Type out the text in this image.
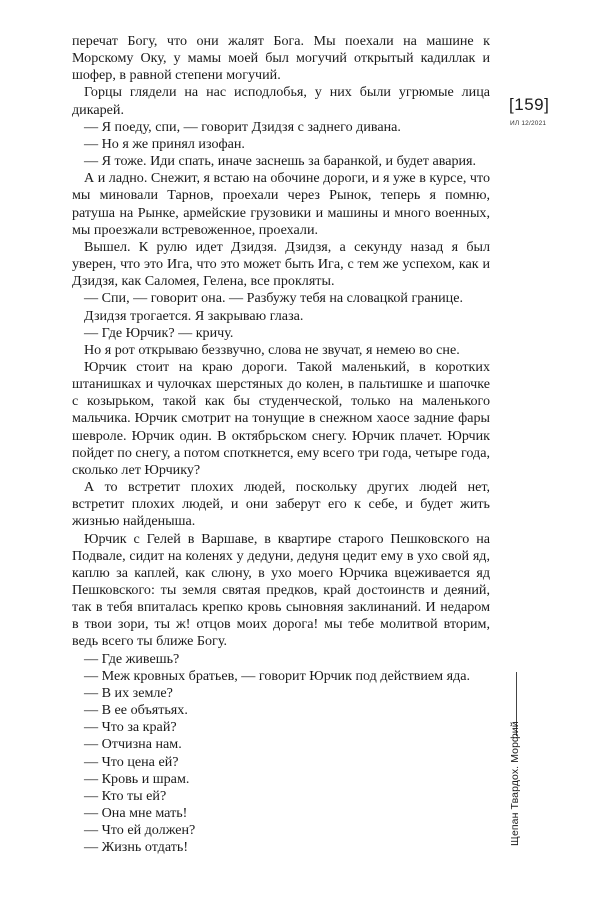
перечат Богу, что они жалят Бога. Мы поехали на машине к Морскому Оку, у мамы моей был могучий открытый кадиллак и шофер, в равной степени могучий.

Горцы глядели на нас исподлобья, у них были угрюмые лица дикарей.

— Я поеду, спи, — говорит Дзидзя с заднего дивана.

— Но я же принял изофан.

— Я тоже. Иди спать, иначе заснешь за баранкой, и будет авария.

А и ладно. Снежит, я встаю на обочине дороги, и я уже в курсе, что мы миновали Тарнов, проехали через Рынок, теперь я помню, ратуша на Рынке, армейские грузовики и машины и много военных, мы проезжали встревоженное, проехали.

Вышел. К рулю идет Дзидзя. Дзидзя, а секунду назад я был уверен, что это Ига, что это может быть Ига, с тем же успехом, как и Дзидзя, как Саломея, Гелена, все прокляты.

— Спи, — говорит она. — Разбужу тебя на словацкой границе.

Дзидзя трогается. Я закрываю глаза.

— Где Юрчик? — кричу.

Но я рот открываю беззвучно, слова не звучат, я немею во сне.

Юрчик стоит на краю дороги. Такой маленький, в коротких штанишках и чулочках шерстяных до колен, в пальтишке и шапочке с козырьком, такой как бы студенческой, только на маленького мальчика. Юрчик смотрит на тонущие в снежном хаосе задние фары шевроле. Юрчик один. В октябрьском снегу. Юрчик плачет. Юрчик пойдет по снегу, а потом споткнется, ему всего три года, четыре года, сколько лет Юрчику?

А то встретит плохих людей, поскольку других людей нет, встретит плохих людей, и они заберут его к себе, и будет жить жизнью найденыша.

Юрчик с Гелей в Варшаве, в квартире старого Пешковского на Подвале, сидит на коленях у дедуни, дедуня цедит ему в ухо свой яд, каплю за каплей, как слюну, в ухо моего Юрчика вцеживается яд Пешковского: ты земля святая предков, край достоинств и деяний, так в тебя впиталась крепко кровь сыновняя заклинаний. И недаром в твои зори, ты ж! отцов моих дорога! мы тебе молитвой вторим, ведь всего ты ближе Богу.

— Где живешь?

— Меж кровных братьев, — говорит Юрчик под действием яда.

— В их земле?

— В ее объятьях.

— Что за край?

— Отчизна нам.

— Что цена ей?

— Кровь и шрам.

— Кто ты ей?

— Она мне мать!

— Что ей должен?

— Жизнь отдать!

[159]
ИЛ 12/2021
Щепан Твардох. Морфий
